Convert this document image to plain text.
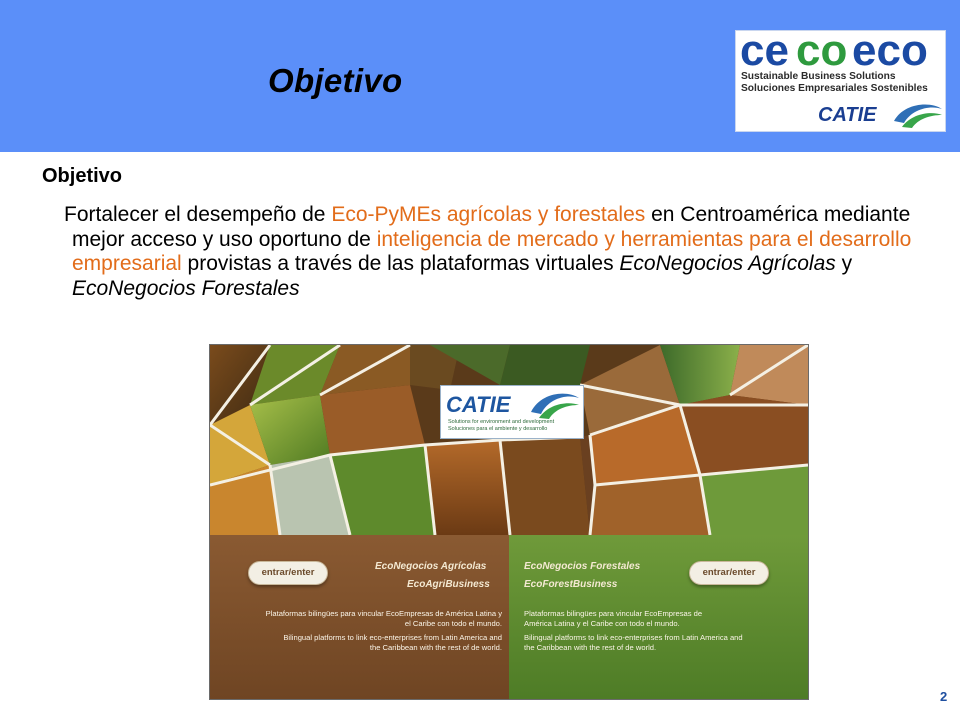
Objetivo
ce co eco
Sustainable Business Solutions
Soluciones Empresariales Sostenibles
CATIE
Objetivo
Fortalecer el desempeño de Eco-PyMEs agrícolas y forestales en Centroamérica mediante mejor acceso y uso oportuno de inteligencia de mercado y herramientas para el desarrollo empresarial provistas a través de las plataformas virtuales EcoNegocios Agrícolas y EcoNegocios Forestales
CATIE
Solutions for environment and development
Soluciones para el ambiente y desarrollo
entrar/enter
EcoNegocios Agrícolas
EcoAgriBusiness
Plataformas bilingües para vincular EcoEmpresas de América Latina y el Caribe con todo el mundo.
Bilingual platforms to link eco-enterprises from Latin America and the Caribbean with the rest of de world.
EcoNegocios Forestales
EcoForestBusiness
entrar/enter
Plataformas bilingües para vincular EcoEmpresas de América Latina y el Caribe con todo el mundo.
Bilingual platforms to link eco-enterprises from Latin America and the Caribbean with the rest of de world.
2
